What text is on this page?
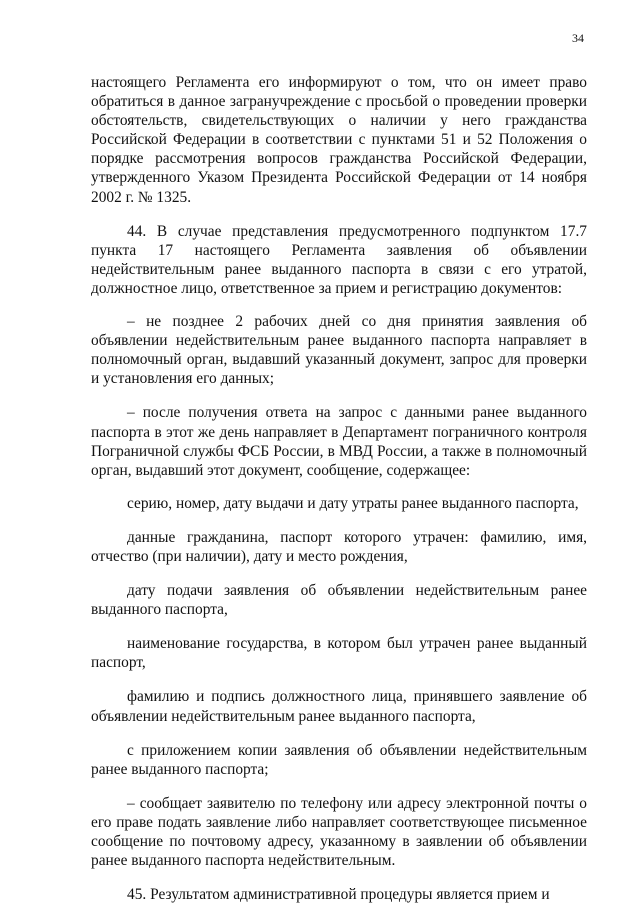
34

настоящего Регламента его информируют о том, что он имеет право обратиться в данное загранучреждение с просьбой о проведении проверки обстоятельств, свидетельствующих о наличии у него гражданства Российской Федерации в соответствии с пунктами 51 и 52 Положения о порядке рассмотрения вопросов гражданства Российской Федерации, утвержденного Указом Президента Российской Федерации от 14 ноября 2002 г. № 1325.

44. В случае представления предусмотренного подпунктом 17.7 пункта 17 настоящего Регламента заявления об объявлении недействительным ранее выданного паспорта в связи с его утратой, должностное лицо, ответственное за прием и регистрацию документов:

– не позднее 2 рабочих дней со дня принятия заявления об объявлении недействительным ранее выданного паспорта направляет в полномочный орган, выдавший указанный документ, запрос для проверки и установления его данных;

– после получения ответа на запрос с данными ранее выданного паспорта в этот же день направляет в Департамент пограничного контроля Пограничной службы ФСБ России, в МВД России, а также в полномочный орган, выдавший этот документ, сообщение, содержащее:

серию, номер, дату выдачи и дату утраты ранее выданного паспорта,

данные гражданина, паспорт которого утрачен: фамилию, имя, отчество (при наличии), дату и место рождения,

дату подачи заявления об объявлении недействительным ранее выданного паспорта,

наименование государства, в котором был утрачен ранее выданный паспорт,

фамилию и подпись должностного лица, принявшего заявление об объявлении недействительным ранее выданного паспорта,

с приложением копии заявления об объявлении недействительным ранее выданного паспорта;

– сообщает заявителю по телефону или адресу электронной почты о его праве подать заявление либо направляет соответствующее письменное сообщение по почтовому адресу, указанному в заявлении об объявлении ранее выданного паспорта недействительным.

45. Результатом административной процедуры является прием и
